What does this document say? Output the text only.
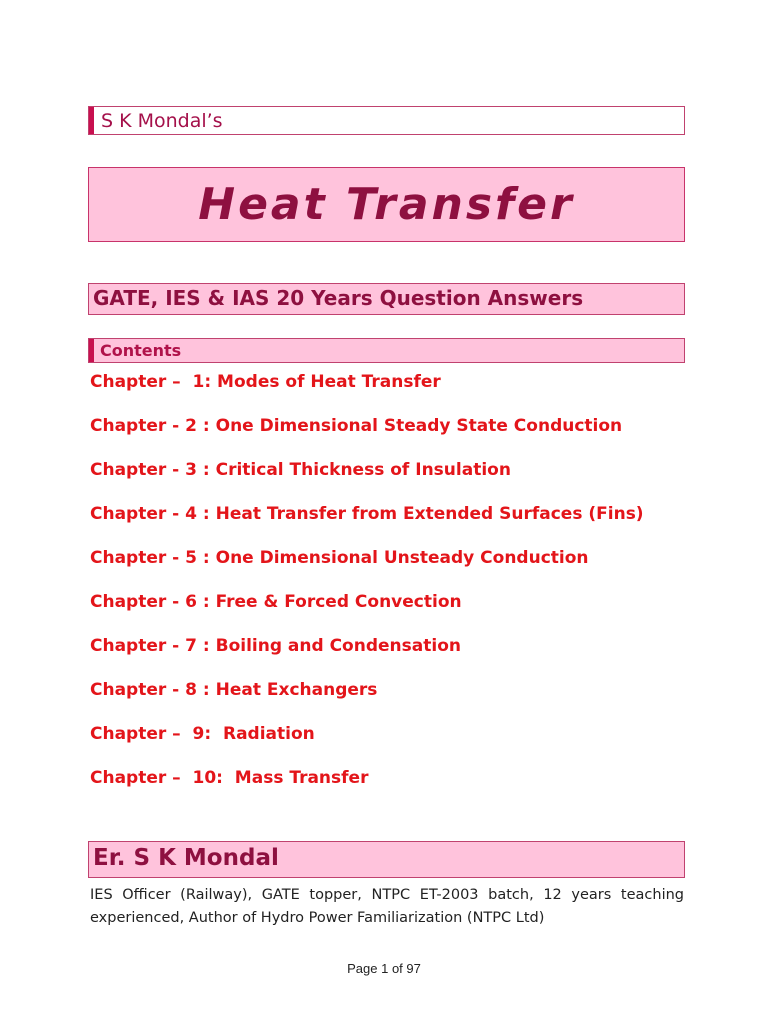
S K Mondal’s
Heat Transfer
GATE, IES & IAS 20 Years Question Answers
Contents
Chapter –  1: Modes of Heat Transfer
Chapter - 2 : One Dimensional Steady State Conduction
Chapter - 3 : Critical Thickness of Insulation
Chapter - 4 : Heat Transfer from Extended Surfaces (Fins)
Chapter - 5 : One Dimensional Unsteady Conduction
Chapter - 6 : Free & Forced Convection
Chapter - 7 : Boiling and Condensation
Chapter - 8 : Heat Exchangers
Chapter –  9:  Radiation
Chapter –  10:  Mass Transfer
Er. S K Mondal
IES Officer (Railway), GATE topper, NTPC ET-2003 batch, 12 years teaching experienced, Author of Hydro Power Familiarization (NTPC Ltd)
Page 1 of 97
